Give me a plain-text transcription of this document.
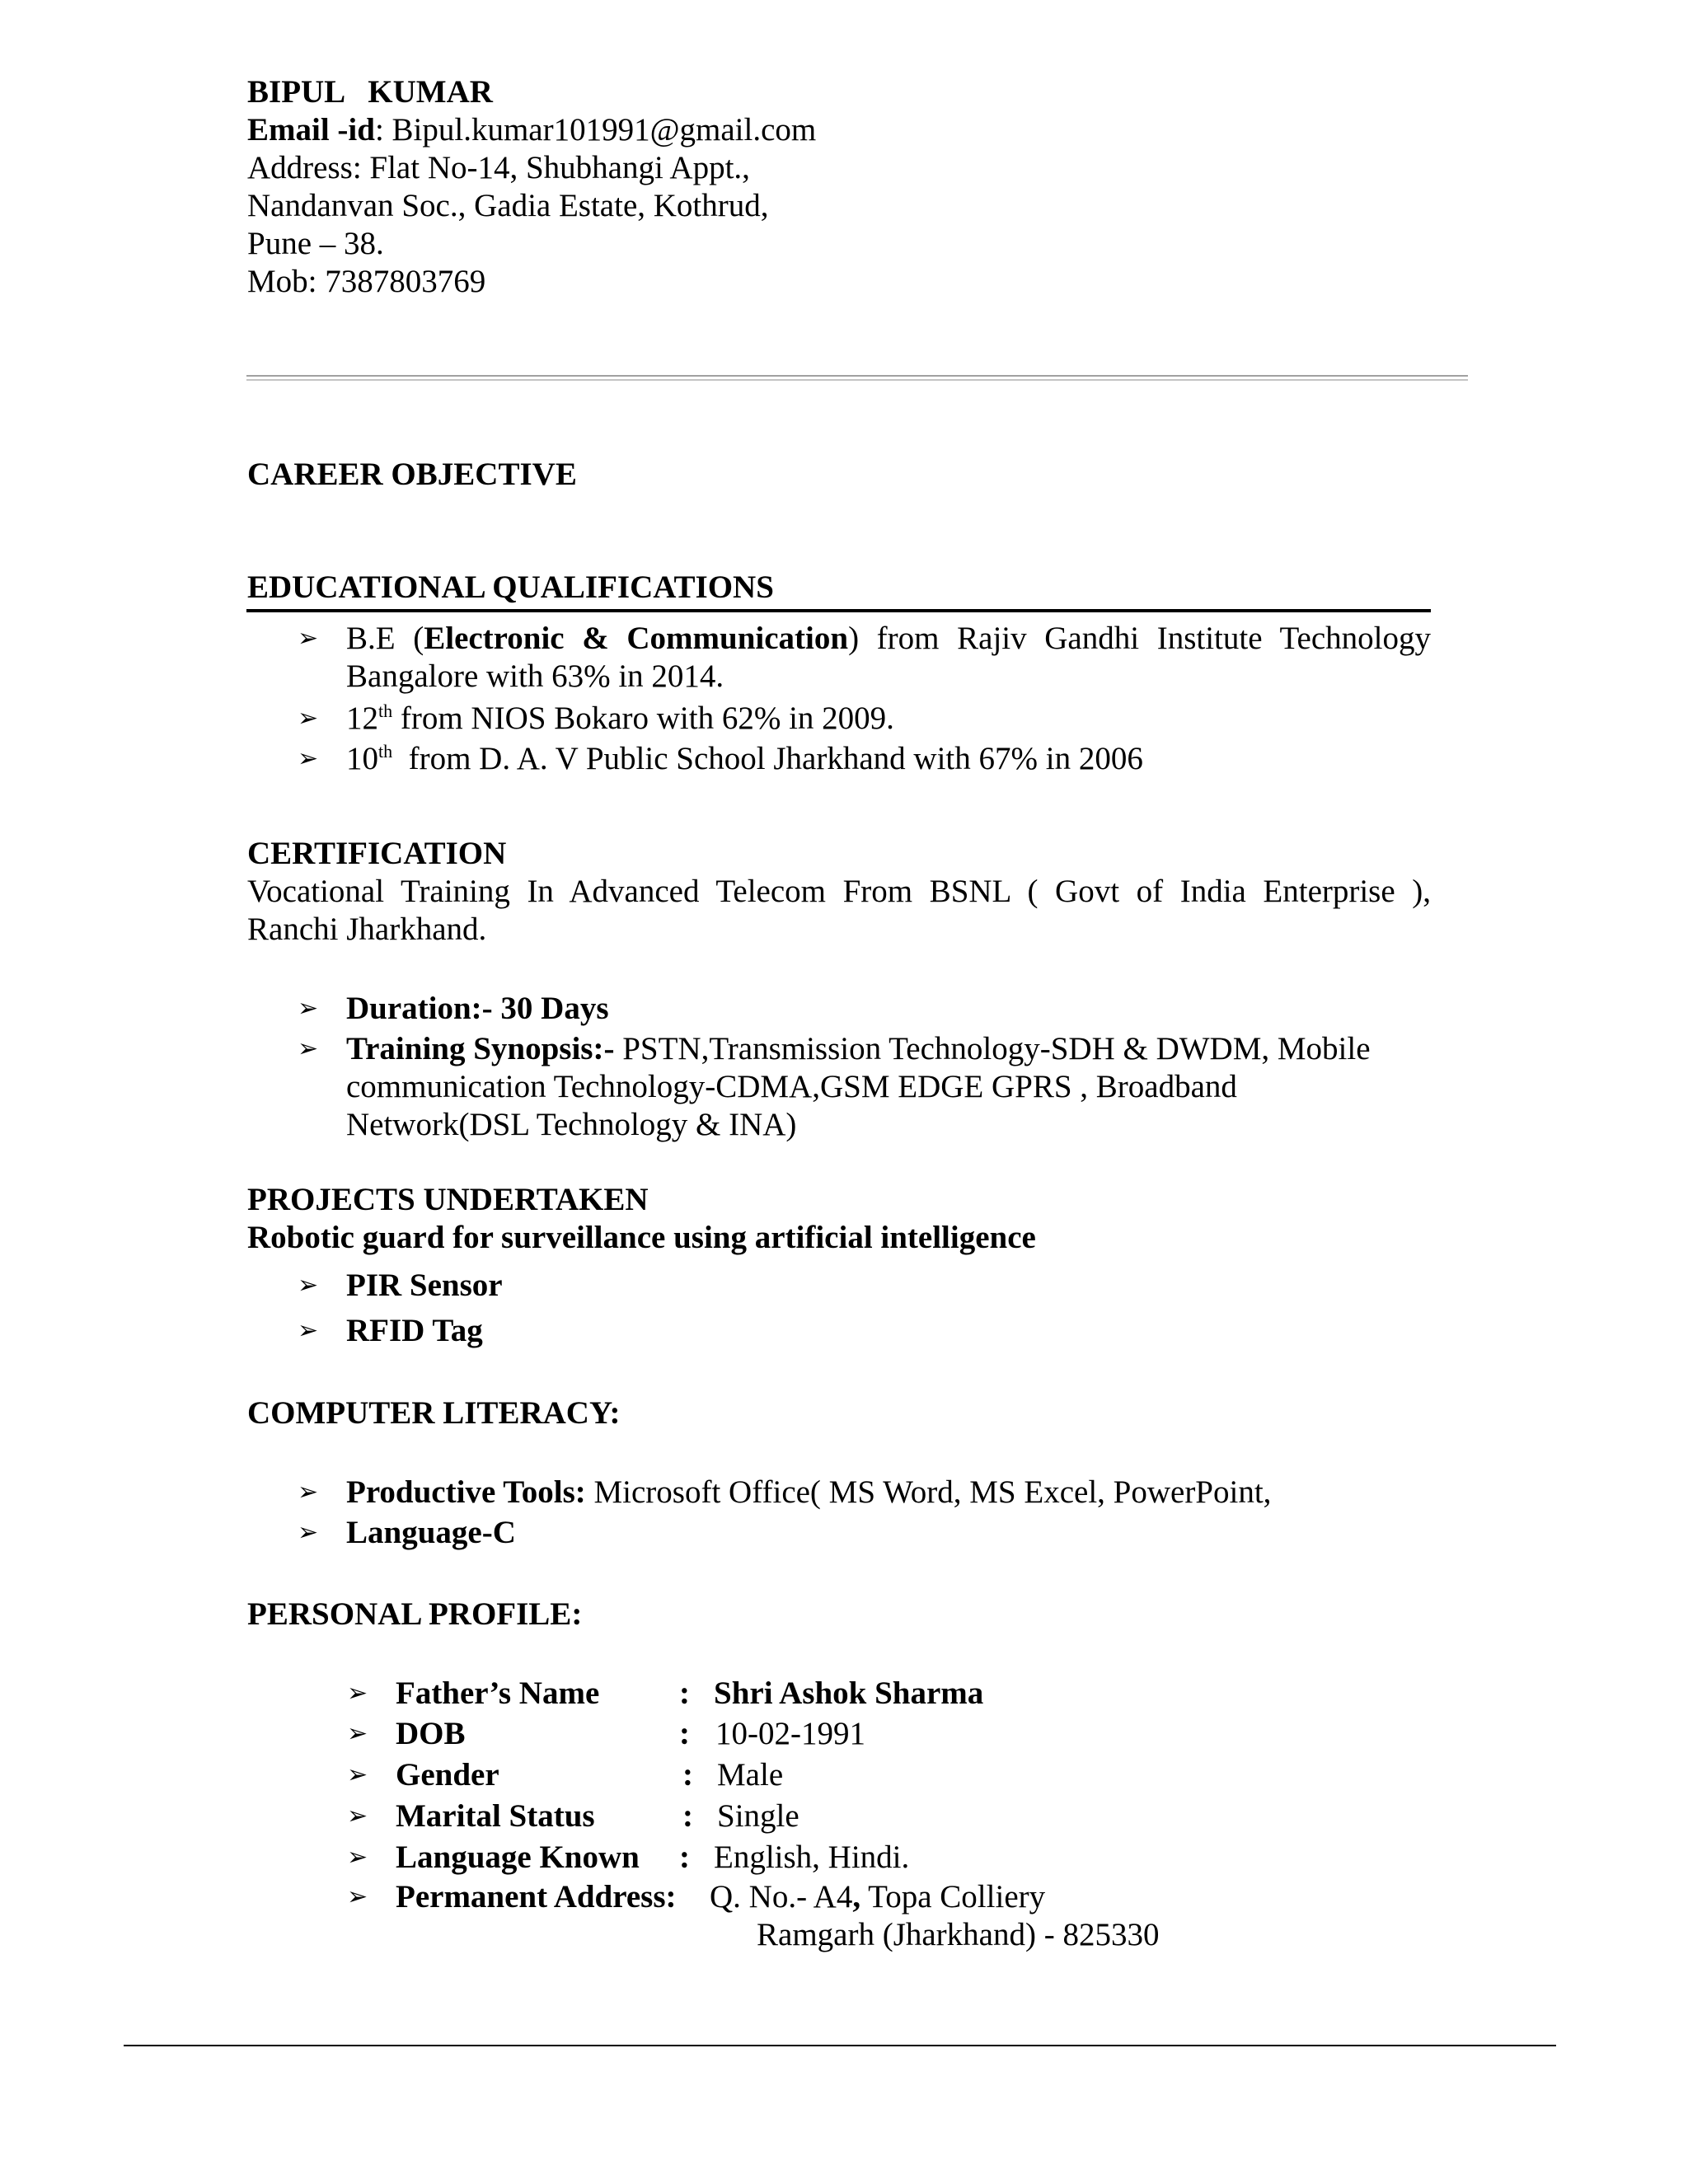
BIPUL   KUMAR
Email -id: Bipul.kumar101991@gmail.com
Address: Flat No-14, Shubhangi Appt.,
Nandanvan Soc., Gadia Estate, Kothrud,
Pune – 38.
Mob: 7387803769
CAREER OBJECTIVE
EDUCATIONAL QUALIFICATIONS
➢ B.E (Electronic & Communication) from Rajiv Gandhi Institute Technology
Bangalore with 63% in 2014.
➢ 12th from NIOS Bokaro with 62% in 2009.
➢ 10th  from D. A. V Public School Jharkhand with 67% in 2006
CERTIFICATION
Vocational Training In Advanced Telecom From BSNL ( Govt of India Enterprise ),
Ranchi Jharkhand.
➢ Duration:- 30 Days
➢ Training Synopsis:- PSTN,Transmission Technology-SDH & DWDM, Mobile
communication Technology-CDMA,GSM EDGE GPRS , Broadband
Network(DSL Technology & INA)
PROJECTS UNDERTAKEN
Robotic guard for surveillance using artificial intelligence
➢ PIR Sensor
➢ RFID Tag
COMPUTER LITERACY:
➢ Productive Tools: Microsoft Office( MS Word, MS Excel, PowerPoint,
➢ Language-C
PERSONAL PROFILE:
➢ Father’s Name : Shri Ashok Sharma
➢ DOB	: 10-02-1991
➢ Gender	: Male
➢ Marital Status	: Single
➢ Language Known : English, Hindi.
➢ Permanent Address: Q. No.- A4, Topa Colliery
Ramgarh (Jharkhand) - 825330
